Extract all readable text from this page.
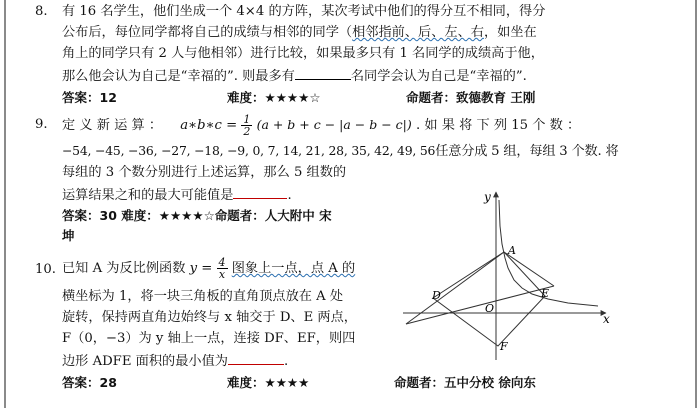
8. 有 16 名学生，他们坐成一个 4×4 的方阵，某次考试中他们的得分互不相同，得分
公布后，每位同学都将自己的成绩与相邻的同学（相邻指前、后、左、右，如坐在
角上的同学只有 2 人与他相邻）进行比较，如果最多只有 1 名同学的成绩高于他，
那么他会认为自己是“幸福的”. 则最多有	名同学会认为自己是“幸福的”.
答案：12	难度：★★★★☆	命题者：致德教育 王刚
9. 定 义 新 运 算 ： a∗b∗c = $\frac{1}{2} (a + b + c - |a - b - c|)$ . 如 果 将 下 列 15 个 数 ：
−54, −45, −36, −27, −18, −9, 0, 7, 14, 21, 28, 35, 42, 49, 56任意分成 5 组，每组 3 个数. 将
每组的 3 个数分别进行上述运算，那么 5 组数的
运算结果之和的最大可能值是	.
答案：30 难度：★★★★☆命题者：人大附中 宋
坤
10. 已知 A 为反比例函数 $y = \frac{4}{x}$ 图象上一点，点 A 的
横坐标为 1，将一块三角板的直角顶点放在 A 处
旋转，保持两直角边始终与 x 轴交于 D、E 两点，
F（0，−3）为 y 轴上一点，连接 DF、EF，则四
边形 ADFE 面积的最小值为	.
答案：28	难度：★★★★	命题者：五中分校 徐向东
y
x
A
D	E
O
F
